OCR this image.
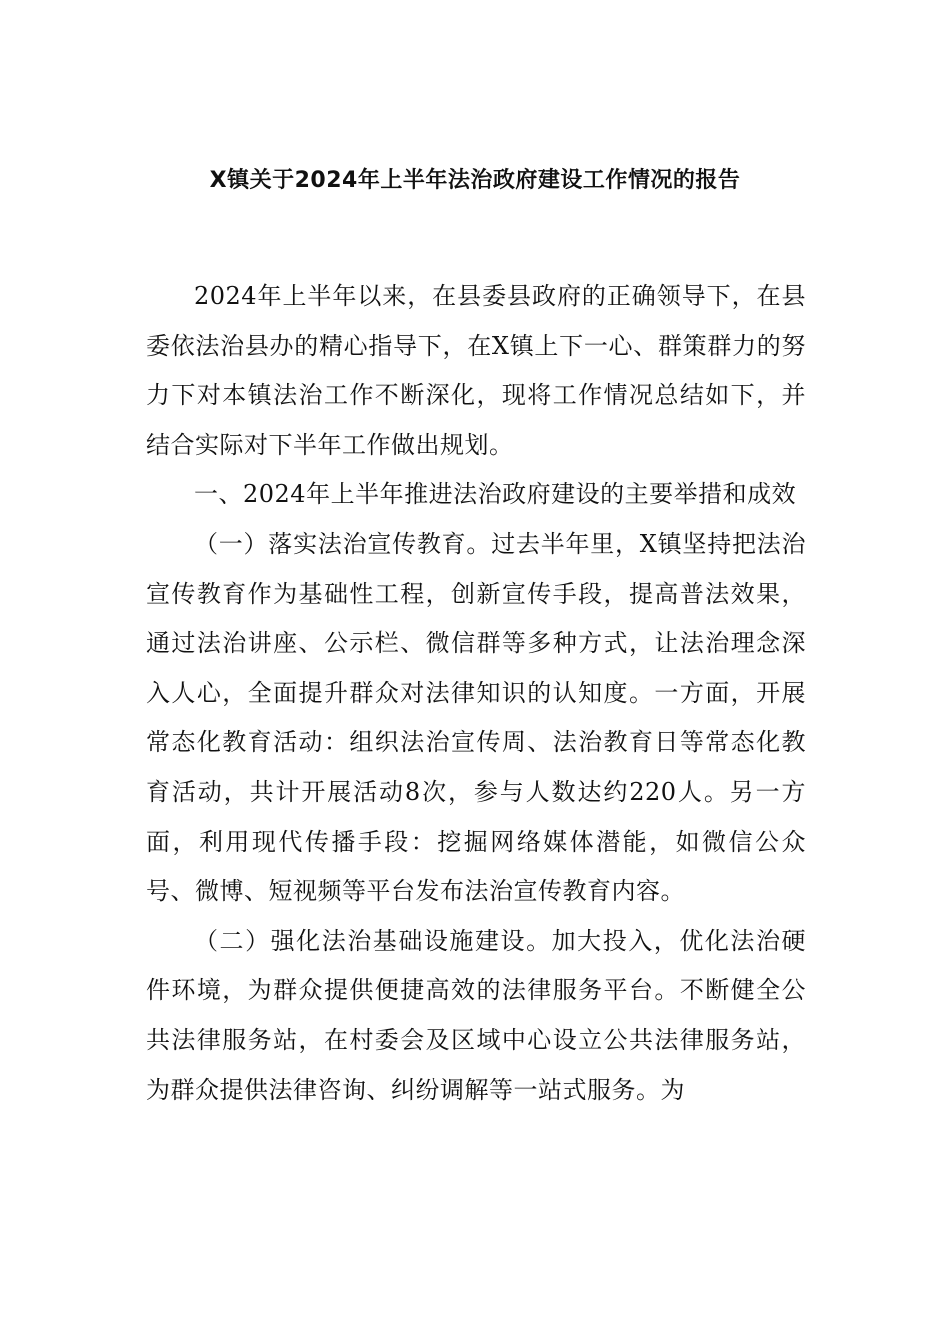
X镇关于2024年上半年法治政府建设工作情况的报告

2024年上半年以来，在县委县政府的正确领导下，在县委依法治县办的精心指导下，在X镇上下一心、群策群力的努力下对本镇法治工作不断深化，现将工作情况总结如下，并结合实际对下半年工作做出规划。

一、2024年上半年推进法治政府建设的主要举措和成效

（一）落实法治宣传教育。过去半年里，X镇坚持把法治宣传教育作为基础性工程，创新宣传手段，提高普法效果，通过法治讲座、公示栏、微信群等多种方式，让法治理念深入人心，全面提升群众对法律知识的认知度。一方面，开展常态化教育活动：组织法治宣传周、法治教育日等常态化教育活动，共计开展活动8次，参与人数达约220人。另一方面，利用现代传播手段：挖掘网络媒体潜能，如微信公众号、微博、短视频等平台发布法治宣传教育内容。

（二）强化法治基础设施建设。加大投入，优化法治硬件环境，为群众提供便捷高效的法律服务平台。不断健全公共法律服务站，在村委会及区域中心设立公共法律服务站，为群众提供法律咨询、纠纷调解等一站式服务。为
